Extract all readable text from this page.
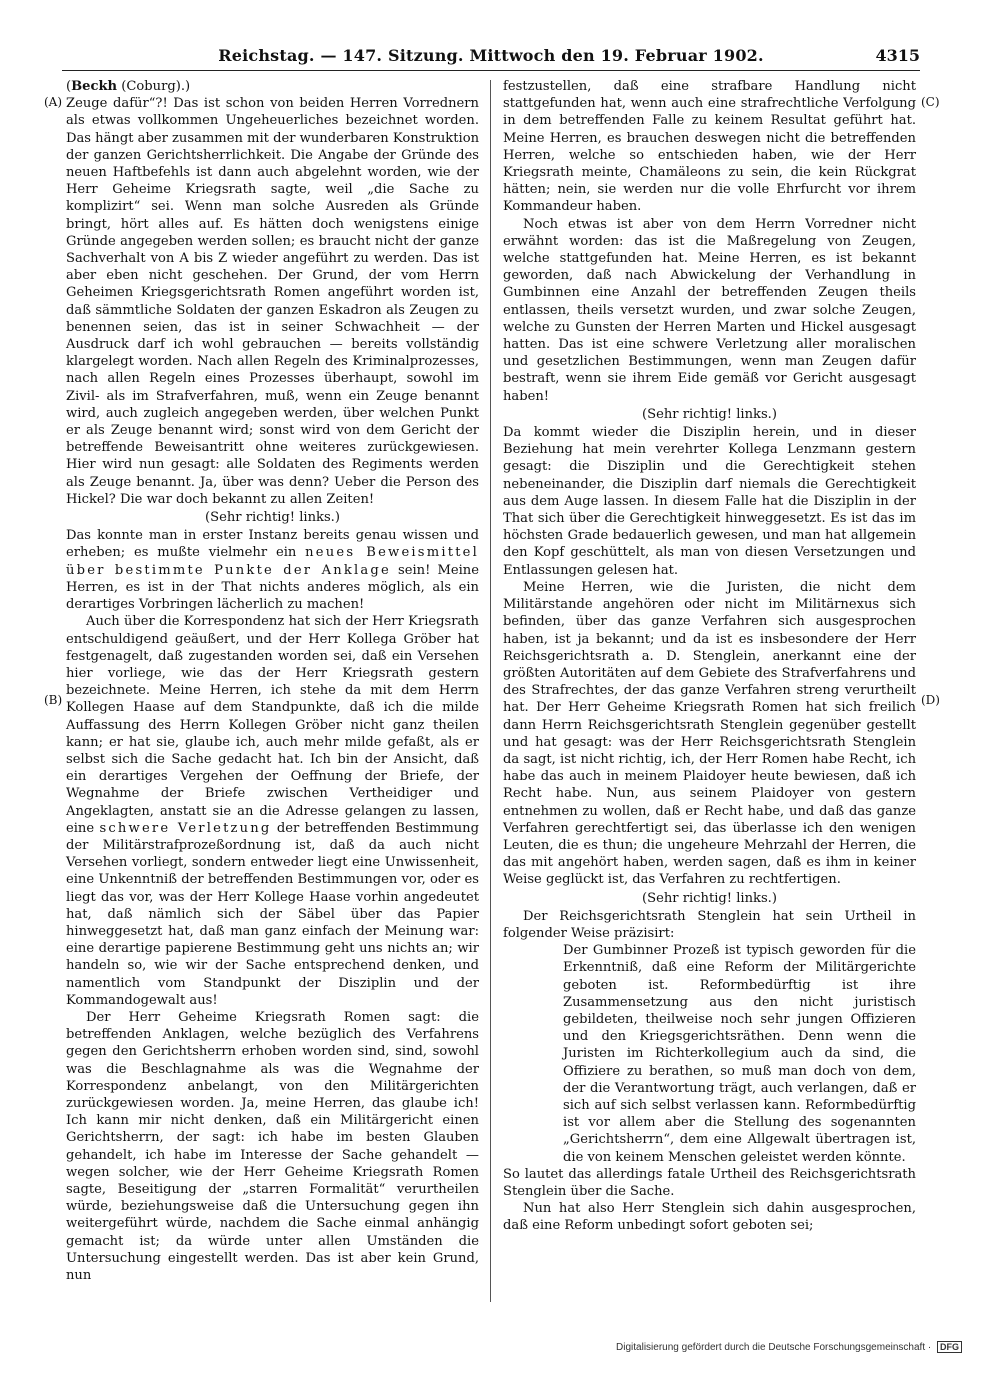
Reichstag. — 147. Sitzung. Mittwoch den 19. Februar 1902.	4315
(A)
(B)
(C)
(D)

(Beckh (Coburg).)

Zeuge dafür“?! Das ist schon von beiden Herren Vorrednern als etwas vollkommen Ungeheuerliches bezeichnet worden. Das hängt aber zusammen mit der wunderbaren Konstruktion der ganzen Gerichtsherrlichkeit. Die Angabe der Gründe des neuen Haftbefehls ist dann auch abgelehnt worden, wie der Herr Geheime Kriegsrath sagte, weil „die Sache zu komplizirt“ sei. Wenn man solche Ausreden als Gründe bringt, hört alles auf. Es hätten doch wenigstens einige Gründe angegeben werden sollen; es braucht nicht der ganze Sachverhalt von A bis Z wieder angeführt zu werden. Das ist aber eben nicht geschehen. Der Grund, der vom Herrn Geheimen Kriegsgerichtsrath Romen angeführt worden ist, daß sämmtliche Soldaten der ganzen Eskadron als Zeugen zu benennen seien, das ist in seiner Schwachheit — der Ausdruck darf ich wohl gebrauchen — bereits vollständig klargelegt worden. Nach allen Regeln des Kriminalprozesses, nach allen Regeln eines Prozesses überhaupt, sowohl im Zivil- als im Strafverfahren, muß, wenn ein Zeuge benannt wird, auch zugleich angegeben werden, über welchen Punkt er als Zeuge benannt wird; sonst wird von dem Gericht der betreffende Beweisantritt ohne weiteres zurückgewiesen. Hier wird nun gesagt: alle Soldaten des Regiments werden als Zeuge benannt. Ja, über was denn? Ueber die Person des Hickel? Die war doch bekannt zu allen Zeiten!

(Sehr richtig! links.)

Das konnte man in erster Instanz bereits genau wissen und erheben; es mußte vielmehr ein neues Beweismittel über bestimmte Punkte der Anklage sein! Meine Herren, es ist in der That nichts anderes möglich, als ein derartiges Vorbringen lächerlich zu machen!

Auch über die Korrespondenz hat sich der Herr Kriegsrath entschuldigend geäußert, und der Herr Kollega Gröber hat festgenagelt, daß zugestanden worden sei, daß ein Versehen hier vorliege, wie das der Herr Kriegsrath gestern bezeichnete. Meine Herren, ich stehe da mit dem Herrn Kollegen Haase auf dem Standpunkte, daß ich die milde Auffassung des Herrn Kollegen Gröber nicht ganz theilen kann; er hat sie, glaube ich, auch mehr milde gefaßt, als er selbst sich die Sache gedacht hat. Ich bin der Ansicht, daß ein derartiges Vergehen der Oeffnung der Briefe, der Wegnahme der Briefe zwischen Vertheidiger und Angeklagten, anstatt sie an die Adresse gelangen zu lassen, eine schwere Verletzung der betreffenden Bestimmung der Militärstrafprozeßordnung ist, daß da auch nicht Versehen vorliegt, sondern entweder liegt eine Unwissenheit, eine Unkenntniß der betreffenden Bestimmungen vor, oder es liegt das vor, was der Herr Kollege Haase vorhin angedeutet hat, daß nämlich sich der Säbel über das Papier hinweggesetzt hat, daß man ganz einfach der Meinung war: eine derartige papierene Bestimmung geht uns nichts an; wir handeln so, wie wir der Sache entsprechend denken, und namentlich vom Standpunkt der Disziplin und der Kommandogewalt aus!

Der Herr Geheime Kriegsrath Romen sagt: die betreffenden Anklagen, welche bezüglich des Verfahrens gegen den Gerichtsherrn erhoben worden sind, sind, sowohl was die Beschlagnahme als was die Wegnahme der Korrespondenz anbelangt, von den Militärgerichten zurückgewiesen worden. Ja, meine Herren, das glaube ich! Ich kann mir nicht denken, daß ein Militärgericht einen Gerichtsherrn, der sagt: ich habe im besten Glauben gehandelt, ich habe im Interesse der Sache gehandelt — wegen solcher, wie der Herr Geheime Kriegsrath Romen sagte, Beseitigung der „starren Formalität“ verurtheilen würde, beziehungsweise daß die Untersuchung gegen ihn weitergeführt würde, nachdem die Sache einmal anhängig gemacht ist; da würde unter allen Umständen die Untersuchung eingestellt werden. Das ist aber kein Grund, nun

festzustellen, daß eine strafbare Handlung nicht stattgefunden hat, wenn auch eine strafrechtliche Verfolgung in dem betreffenden Falle zu keinem Resultat geführt hat. Meine Herren, es brauchen deswegen nicht die betreffenden Herren, welche so entschieden haben, wie der Herr Kriegsrath meinte, Chamäleons zu sein, die kein Rückgrat hätten; nein, sie werden nur die volle Ehrfurcht vor ihrem Kommandeur haben.

Noch etwas ist aber von dem Herrn Vorredner nicht erwähnt worden: das ist die Maßregelung von Zeugen, welche stattgefunden hat. Meine Herren, es ist bekannt geworden, daß nach Abwickelung der Verhandlung in Gumbinnen eine Anzahl der betreffenden Zeugen theils entlassen, theils versetzt wurden, und zwar solche Zeugen, welche zu Gunsten der Herren Marten und Hickel ausgesagt hatten. Das ist eine schwere Verletzung aller moralischen und gesetzlichen Bestimmungen, wenn man Zeugen dafür bestraft, wenn sie ihrem Eide gemäß vor Gericht ausgesagt haben!

(Sehr richtig! links.)

Da kommt wieder die Disziplin herein, und in dieser Beziehung hat mein verehrter Kollega Lenzmann gestern gesagt: die Disziplin und die Gerechtigkeit stehen nebeneinander, die Disziplin darf niemals die Gerechtigkeit aus dem Auge lassen. In diesem Falle hat die Disziplin in der That sich über die Gerechtigkeit hinweggesetzt. Es ist das im höchsten Grade bedauerlich gewesen, und man hat allgemein den Kopf geschüttelt, als man von diesen Versetzungen und Entlassungen gelesen hat.

Meine Herren, wie die Juristen, die nicht dem Militärstande angehören oder nicht im Militärnexus sich befinden, über das ganze Verfahren sich ausgesprochen haben, ist ja bekannt; und da ist es insbesondere der Herr Reichsgerichtsrath a. D. Stenglein, anerkannt eine der größten Autoritäten auf dem Gebiete des Strafverfahrens und des Strafrechtes, der das ganze Verfahren streng verurtheilt hat. Der Herr Geheime Kriegsrath Romen hat sich freilich dann Herrn Reichsgerichtsrath Stenglein gegenüber gestellt und hat gesagt: was der Herr Reichsgerichtsrath Stenglein da sagt, ist nicht richtig, ich, der Herr Romen habe Recht, ich habe das auch in meinem Plaidoyer heute bewiesen, daß ich Recht habe. Nun, aus seinem Plaidoyer von gestern entnehmen zu wollen, daß er Recht habe, und daß das ganze Verfahren gerechtfertigt sei, das überlasse ich den wenigen Leuten, die es thun; die ungeheure Mehrzahl der Herren, die das mit angehört haben, werden sagen, daß es ihm in keiner Weise geglückt ist, das Verfahren zu rechtfertigen.

(Sehr richtig! links.)

Der Reichsgerichtsrath Stenglein hat sein Urtheil in folgender Weise präzisirt:

Der Gumbinner Prozeß ist typisch geworden für die Erkenntniß, daß eine Reform der Militärgerichte geboten ist. Reformbedürftig ist ihre Zusammensetzung aus den nicht juristisch gebildeten, theilweise noch sehr jungen Offizieren und den Kriegsgerichtsräthen. Denn wenn die Juristen im Richterkollegium auch da sind, die Offiziere zu berathen, so muß man doch von dem, der die Verantwortung trägt, auch verlangen, daß er sich auf sich selbst verlassen kann. Reformbedürftig ist vor allem aber die Stellung des sogenannten „Gerichtsherrn“, dem eine Allgewalt übertragen ist, die von keinem Menschen geleistet werden könnte.

So lautet das allerdings fatale Urtheil des Reichsgerichtsrath Stenglein über die Sache.

Nun hat also Herr Stenglein sich dahin ausgesprochen, daß eine Reform unbedingt sofort geboten sei;

Digitalisierung gefördert durch die Deutsche Forschungsgemeinschaft · DFG
